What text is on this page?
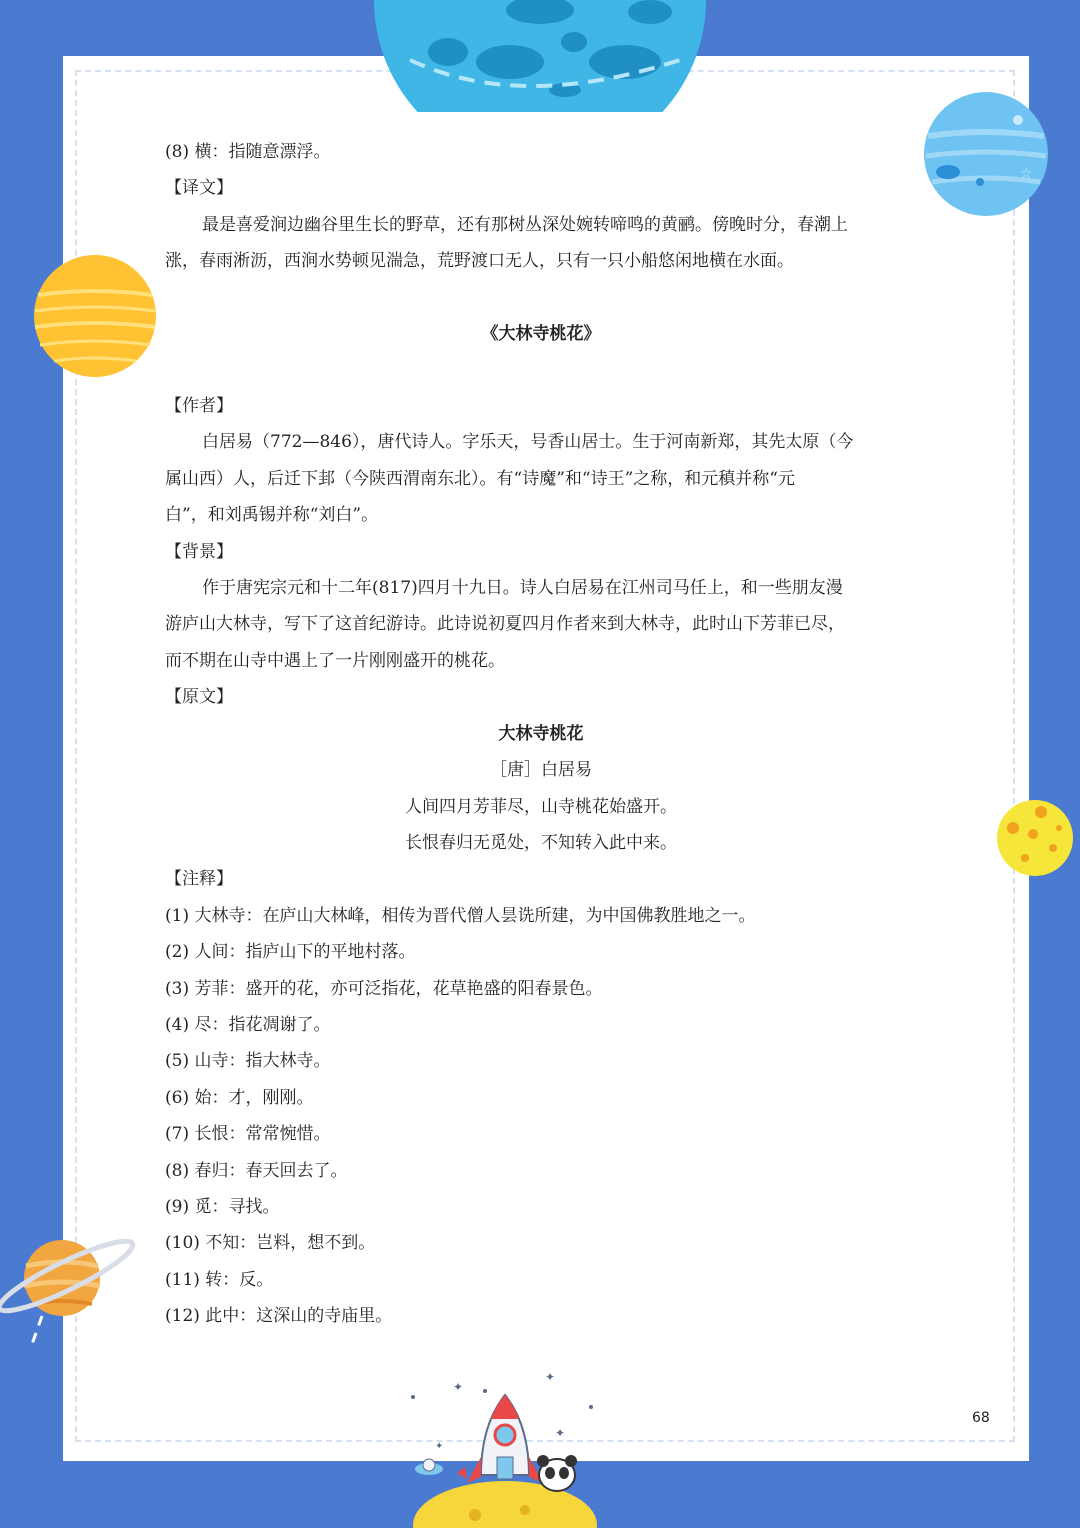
☆
✦
✦
✦
✦
(8) 横：指随意漂浮。
【译文】
最是喜爱涧边幽谷里生长的野草，还有那树丛深处婉转啼鸣的黄鹂。傍晚时分，春潮上
涨，春雨淅沥，西涧水势顿见湍急，荒野渡口无人，只有一只小船悠闲地横在水面。
《大林寺桃花》
【作者】
白居易（772—846），唐代诗人。字乐天，号香山居士。生于河南新郑，其先太原（今
属山西）人，后迁下邽（今陕西渭南东北）。有“诗魔”和“诗王”之称，和元稹并称“元
白”，和刘禹锡并称“刘白”。
【背景】
作于唐宪宗元和十二年(817)四月十九日。诗人白居易在江州司马任上，和一些朋友漫
游庐山大林寺，写下了这首纪游诗。此诗说初夏四月作者来到大林寺，此时山下芳菲已尽，
而不期在山寺中遇上了一片刚刚盛开的桃花。
【原文】
大林寺桃花
［唐］白居易
人间四月芳菲尽，山寺桃花始盛开。
长恨春归无觅处，不知转入此中来。
【注释】
(1) 大林寺：在庐山大林峰，相传为晋代僧人昙诜所建，为中国佛教胜地之一。
(2) 人间：指庐山下的平地村落。
(3) 芳菲：盛开的花，亦可泛指花，花草艳盛的阳春景色。
(4) 尽：指花凋谢了。
(5) 山寺：指大林寺。
(6) 始：才，刚刚。
(7) 长恨：常常惋惜。
(8) 春归：春天回去了。
(9) 觅：寻找。
(10) 不知：岂料，想不到。
(11) 转：反。
(12) 此中：这深山的寺庙里。
68
